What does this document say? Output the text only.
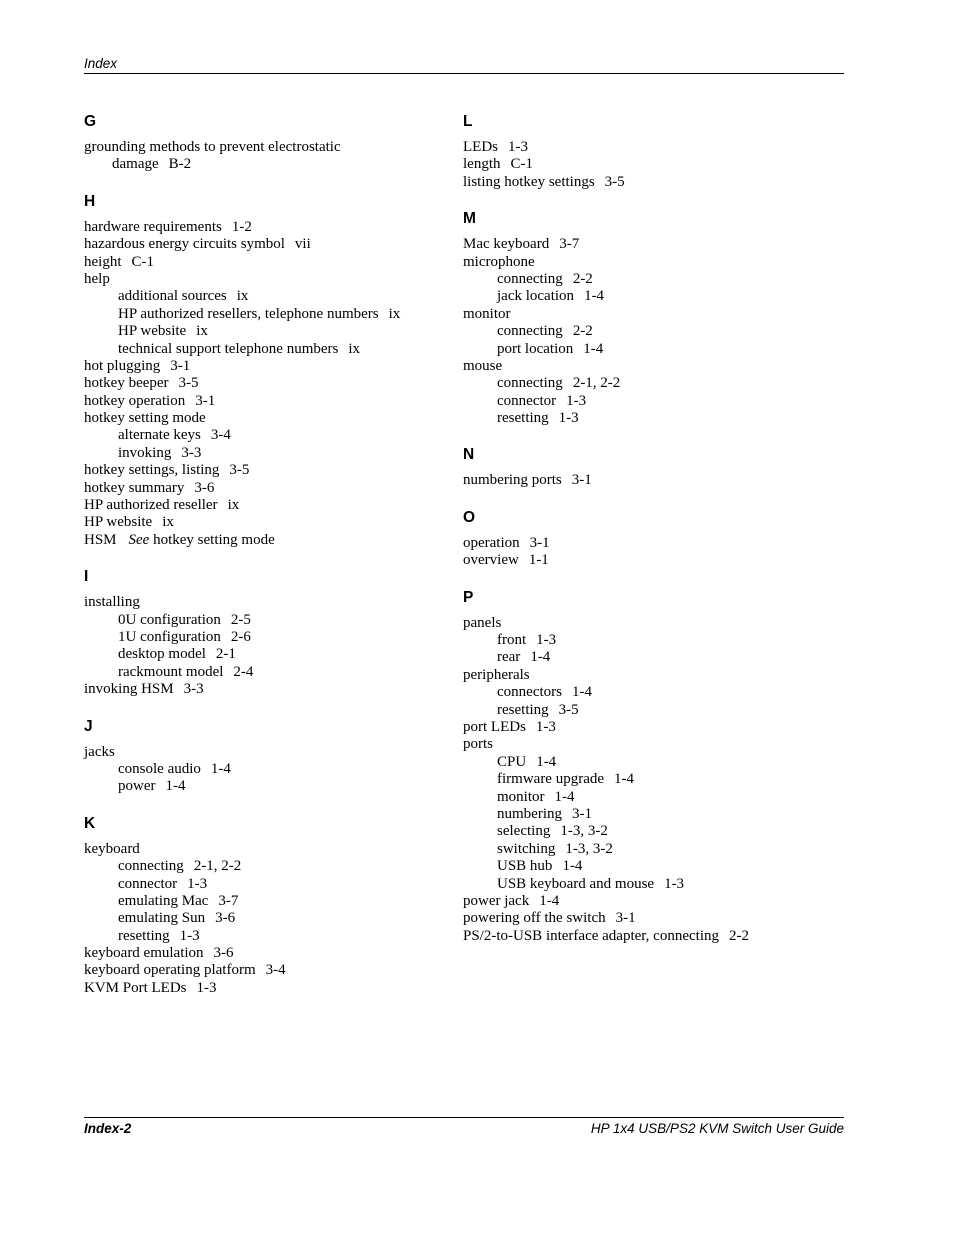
Index
G
grounding methods to prevent electrostatic
damage B-2
H
hardware requirements 1-2
hazardous energy circuits symbol vii
height C-1
help
additional sources ix
HP authorized resellers, telephone numbers ix
HP website ix
technical support telephone numbers ix
hot plugging 3-1
hotkey beeper 3-5
hotkey operation 3-1
hotkey setting mode
alternate keys 3-4
invoking 3-3
hotkey settings, listing 3-5
hotkey summary 3-6
HP authorized reseller ix
HP website ix
HSM See hotkey setting mode
I
installing
0U configuration 2-5
1U configuration 2-6
desktop model 2-1
rackmount model 2-4
invoking HSM 3-3
J
jacks
console audio 1-4
power 1-4
K
keyboard
connecting 2-1, 2-2
connector 1-3
emulating Mac 3-7
emulating Sun 3-6
resetting 1-3
keyboard emulation 3-6
keyboard operating platform 3-4
KVM Port LEDs 1-3
L
LEDs 1-3
length C-1
listing hotkey settings 3-5
M
Mac keyboard 3-7
microphone
connecting 2-2
jack location 1-4
monitor
connecting 2-2
port location 1-4
mouse
connecting 2-1, 2-2
connector 1-3
resetting 1-3
N
numbering ports 3-1
O
operation 3-1
overview 1-1
P
panels
front 1-3
rear 1-4
peripherals
connectors 1-4
resetting 3-5
port LEDs 1-3
ports
CPU 1-4
firmware upgrade 1-4
monitor 1-4
numbering 3-1
selecting 1-3, 3-2
switching 1-3, 3-2
USB hub 1-4
USB keyboard and mouse 1-3
power jack 1-4
powering off the switch 3-1
PS/2-to-USB interface adapter, connecting 2-2
Index-2	HP 1x4 USB/PS2 KVM Switch User Guide
